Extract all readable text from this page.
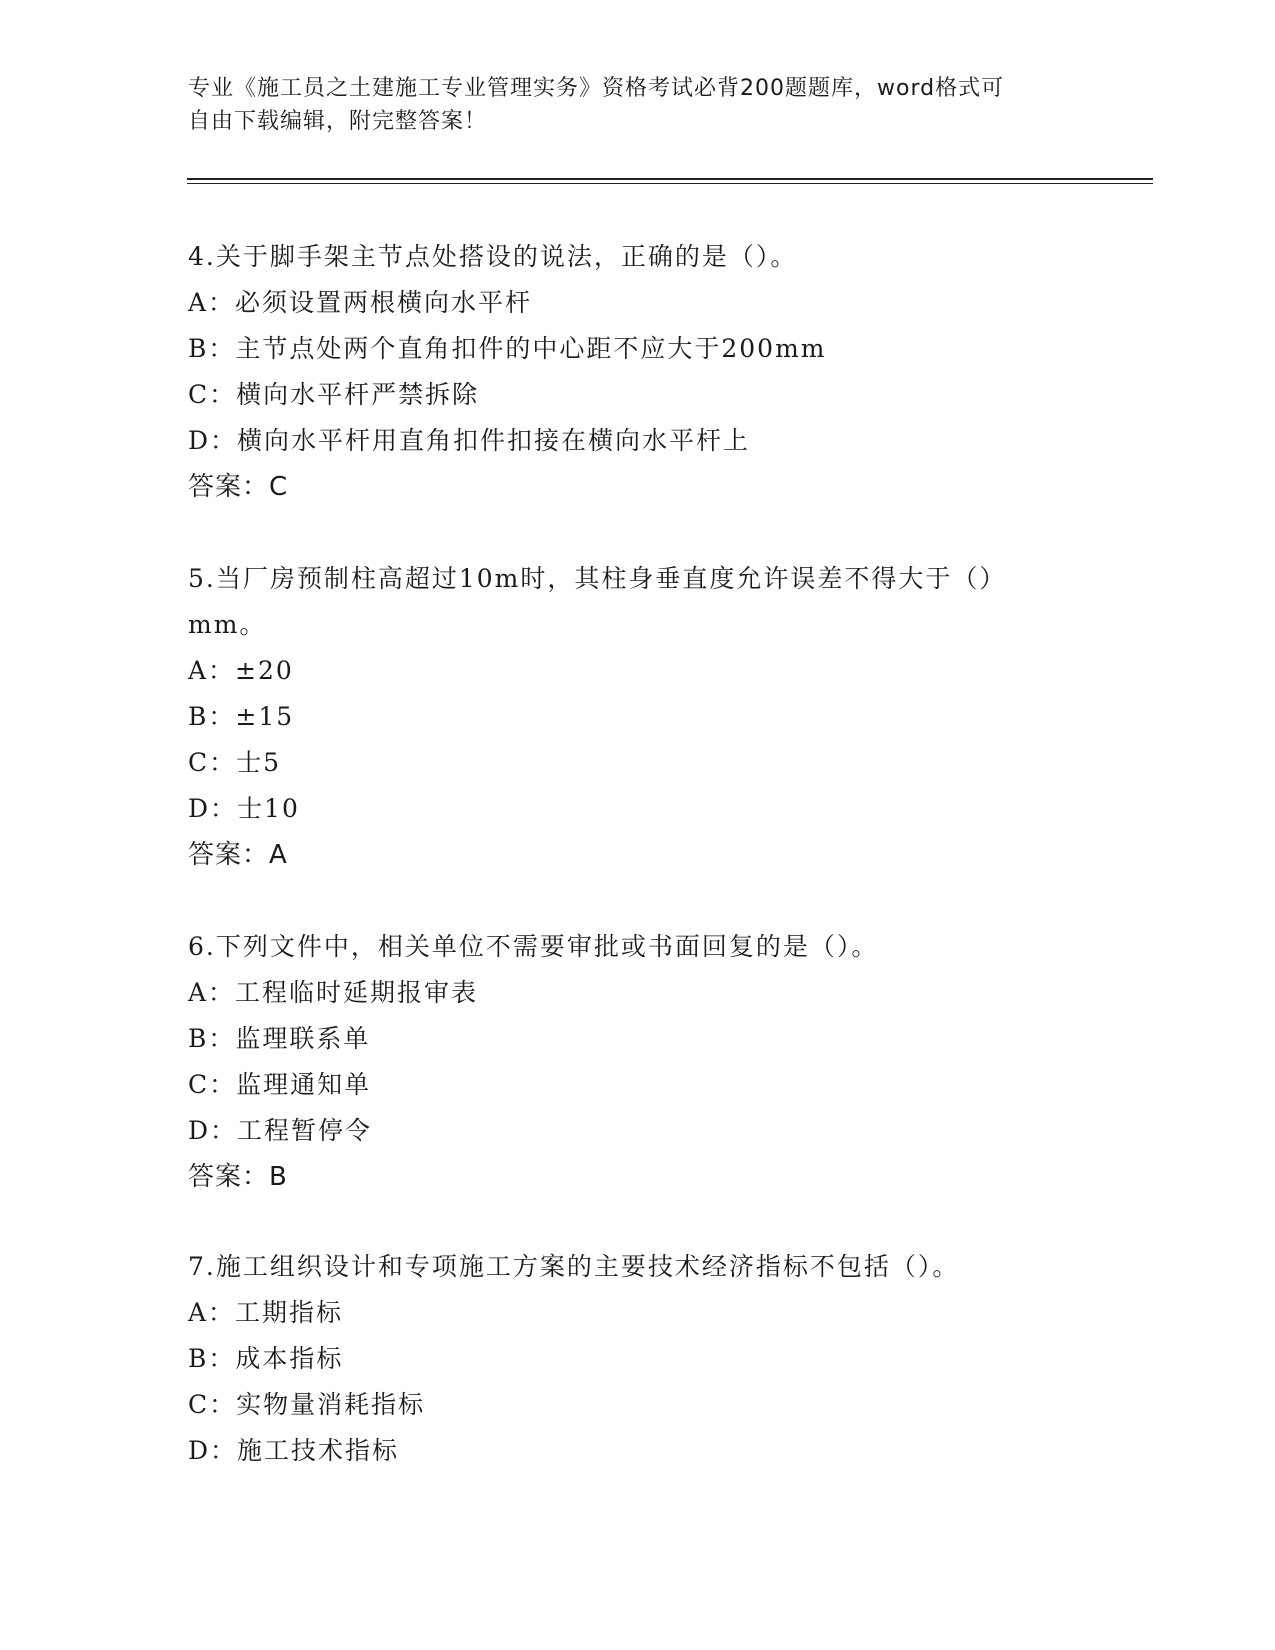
专业《施工员之土建施工专业管理实务》资格考试必背200题题库，word格式可
自由下载编辑，附完整答案！
4.关于脚手架主节点处搭设的说法，正确的是（）。
A：必须设置两根横向水平杆
B：主节点处两个直角扣件的中心距不应大于200mm
C：横向水平杆严禁拆除
D：横向水平杆用直角扣件扣接在横向水平杆上
答案：C
5.当厂房预制柱高超过10m时，其柱身垂直度允许误差不得大于（）
mm。
A：±20
B：±15
C：士5
D：士10
答案：A
6.下列文件中，相关单位不需要审批或书面回复的是（）。
A：工程临时延期报审表
B：监理联系单
C：监理通知单
D：工程暂停令
答案：B
7.施工组织设计和专项施工方案的主要技术经济指标不包括（）。
A：工期指标
B：成本指标
C：实物量消耗指标
D：施工技术指标
